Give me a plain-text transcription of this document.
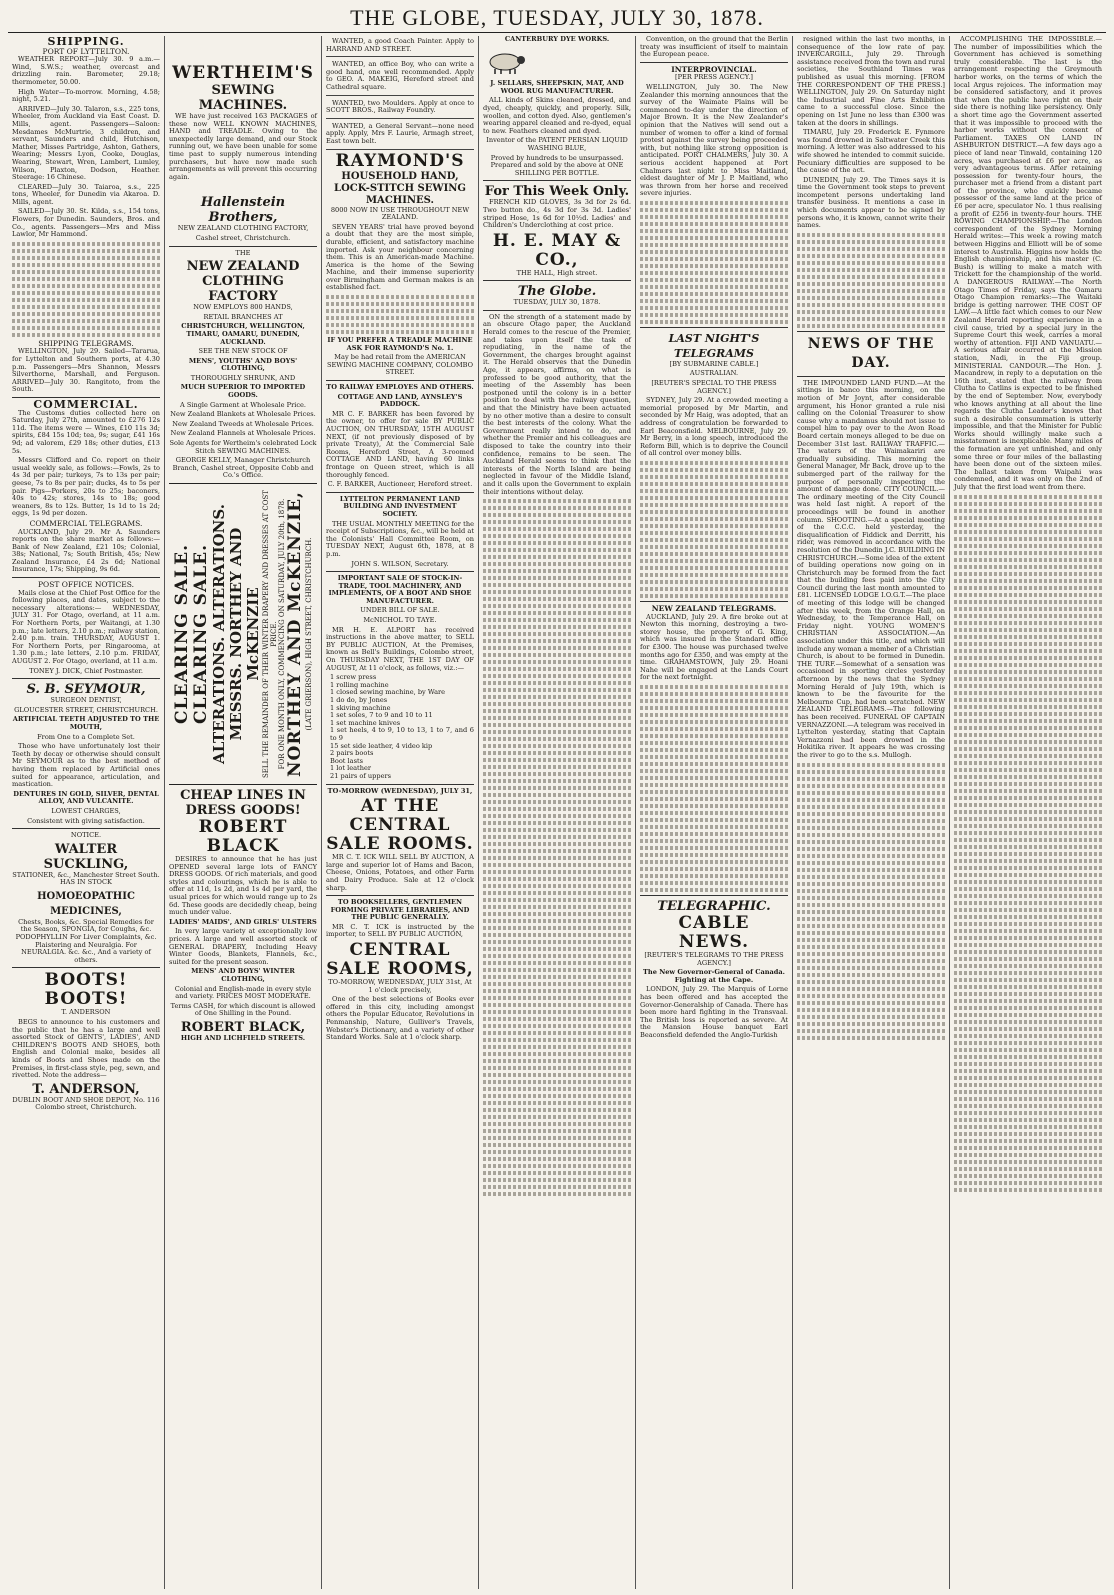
THE GLOBE, TUESDAY, JULY 30, 1878.
SHIPPING.
PORT OF LYTTELTON.

WEATHER REPORT—July 30. 9 a.m.—Wind, S.W.S.; weather, overcast and drizzling rain. Barometer, 29.18; thermometer, 50.00.

High Water—To-morrow. Morning, 4.58; night, 5.21.

ARRIVED—July 30. Talaron, s.s., 225 tons, Wheeler, from Auckland via East Coast. D. Mills, agent. Passengers—Saloon: Mesdames McMurtrie, 3 children, and servant, Saunders and child, Hutchison, Mather, Misses Partridge, Ashton, Gathers, Wearing; Messrs Lyon, Cooke, Douglas, Wearing, Stewart, Wren, Lambert, Lumley, Wilson, Plaxton, Dodson, Heather. Steerage: 16 Chinese.

CLEARED—July 30. Taiaroa, s.s., 225 tons, Wheeler, for Dunedin via Akaroa. D. Mills, agent.

SAILED—July 30. St. Kilda, s.s., 154 tons, Flowers, for Dunedin. Saunders, Bros. and Co., agents. Passengers—Mrs and Miss Lawlor, Mr Hammond.

SHIPPING TELEGRAMS.

WELLINGTON, July 29. Sailed—Tararua, for Lyttelton and Southern ports, at 4.30 p.m. Passengers—Mrs Shannon, Messrs Silverthorne, Marshall, and Ferguson. ARRIVED—July 30. Rangitoto, from the South.

COMMERCIAL.

The Customs duties collected here on Saturday, July 27th, amounted to £276 12s 11d. The items were — Wines, £10 11s 3d; spirits, £84 15s 10d; tea, 9s; sugar, £41 16s 9d; ad valorem, £29 18s; other duties, £13 5s.

Messrs Clifford and Co. report on their usual weekly sale, as follows:—Fowls, 2s to 4s 3d per pair; turkeys, 7s to 13s per pair; geese, 7s to 8s per pair; ducks, 4s to 5s per pair. Pigs—Porkers, 20s to 25s; baconers, 40s to 42s; stores, 14s to 18s; good weaners, 8s to 12s. Butter, 1s 1d to 1s 2d; eggs, 1s 9d per dozen.

COMMERCIAL TELEGRAMS.

AUCKLAND, July 29. Mr A. Saunders reports on the share market as follows:—Bank of New Zealand, £21 10s; Colonial, 38s; National, 7s; South British, 45s; New Zealand Insurance, £4 2s 6d; National Insurance, 17s; Shipping, 9s 6d.

POST OFFICE NOTICES.

Mails close at the Chief Post Office for the following places, and dates, subject to the necessary alterations:— WEDNESDAY, JULY 31. For Otago, overland, at 11 a.m. For Northern Ports, per Waitangi, at 1.30 p.m.; late letters, 2.10 p.m.; railway station, 2.40 p.m. train. THURSDAY, AUGUST 1. For Northern Ports, per Ringarooma, at 1.30 p.m.; late letters, 2.10 p.m. FRIDAY, AUGUST 2. For Otago, overland, at 11 a.m.

TONEY J. DICK, Chief Postmaster.

S. B. SEYMOUR,

SURGEON DENTIST,

GLOUCESTER STREET, CHRISTCHURCH.

ARTIFICIAL TEETH ADJUSTED TO THE MOUTH,

From One to a Complete Set.

Those who have unfortunately lost their Teeth by decay or otherwise should consult Mr SEYMOUR as to the best method of having them replaced by Artificial ones suited for appearance, articulation, and mastication.

DENTURES IN GOLD, SILVER, DENTAL ALLOY, AND VULCANITE.

LOWEST CHARGES,

Consistent with giving satisfaction.

NOTICE.

WALTER SUCKLING,

STATIONER, &c., Manchester Street South. HAS IN STOCK

HOMOEOPATHIC MEDICINES,

Chests, Books, &c. Special Remedies for the Season, SPONGIA, for Coughs, &c. PODOPHYLLIN For Liver Complaints, &c. Plaistering and Neuralgia. For NEURALGIA. &c. &c., And a variety of others.

BOOTS! BOOTS!

T. ANDERSON

BEGS to announce to his customers and the public that he has a large and well assorted Stock of GENTS', LADIES', AND CHILDREN'S BOOTS AND SHOES, both English and Colonial make, besides all kinds of Boots and Shoes made on the Premises, in first-class style, peg, sewn, and rivetted. Note the address—

T. ANDERSON,

DUBLIN BOOT AND SHOE DEPOT, No. 116 Colombo street, Christchurch.

WERTHEIM'S
SEWING MACHINES.

WE have just received 163 PACKAGES of these now WELL KNOWN MACHINES, HAND and TREADLE. Owing to the unexpectedly large demand, and our Stock running out, we have been unable for some time past to supply numerous intending purchasers, but have now made such arrangements as will prevent this occurring again.

Hallenstein Brothers,

NEW ZEALAND CLOTHING FACTORY,

Cashel street, Christchurch.

THE

NEW ZEALAND
CLOTHING FACTORY

NOW EMPLOYS 800 HANDS,

RETAIL BRANCHES AT

CHRISTCHURCH, WELLINGTON, TIMARU, OAMARU, DUNEDIN, AUCKLAND.

SEE THE NEW STOCK OF

MENS', YOUTHS' AND BOYS' CLOTHING,

THOROUGHLY SHRUNK, AND

MUCH SUPERIOR TO IMPORTED GOODS.

A Single Garment at Wholesale Price.

New Zealand Blankets at Wholesale Prices.

New Zealand Tweeds at Wholesale Prices.

New Zealand Flannels at Wholesale Prices.

Sole Agents for Wertheim's celebrated Lock Stitch SEWING MACHINES.

GEORGE KELLY, Manager Christchurch Branch, Cashel street, Opposite Cobb and Co.'s Office.

CLEARING SALE. CLEARING SALE. ALTERATIONS. ALTERATIONS. MESSRS. NORTHEY AND McKENZIE SELL THE REMAINDER OF THEIR WINTER DRAPERY AND DRESSES AT COST PRICE. FOR ONE MONTH ONLY, COMMENCING ON SATURDAY, JULY 20th, 1878. NORTHEY AND McKENZIE, (LATE GRIERSON), HIGH STREET, CHRISTCHURCH.
CHEAP LINES IN
DRESS GOODS!
ROBERT BLACK

DESIRES to announce that he has just OPENED several large lots of FANCY DRESS GOODS. Of rich materials, and good styles and colourings, which he is able to offer at 11d, 1s 2d, and 1s 4d per yard, the usual prices for which would range up to 2s 6d. These goods are decidedly cheap, being much under value.

LADIES' MAIDS', AND GIRLS' ULSTERS

In very large variety at exceptionally low prices. A large and well assorted stock of GENERAL DRAPERY, Including Heavy Winter Goods, Blankets, Flannels, &c., suited for the present season.

MENS' AND BOYS' WINTER CLOTHING,

Colonial and English-made in every style and variety. PRICES MOST MODERATE.

Terms CASH, for which discount is allowed of One Shilling in the Pound.

ROBERT BLACK,

HIGH AND LICHFIELD STREETS.

WANTED, a good Coach Painter. Apply to HARRAND AND STREET.

WANTED, an office Boy, who can write a good hand, one well recommended. Apply to GEO. A. MAKEIG, Hereford street and Cathedral square.

WANTED, two Moulders. Apply at once to SCOTT BROS., Railway Foundry.

WANTED, a General Servant—none need apply. Apply, Mrs F. Laurie, Armagh street, East town belt.

RAYMOND'S
HOUSEHOLD HAND, LOCK-STITCH SEWING MACHINES.

8000 NOW IN USE THROUGHOUT NEW ZEALAND.

SEVEN YEARS' trial have proved beyond a doubt that they are the most simple, durable, efficient, and satisfactory machine imported. Ask your neighbour concerning them. This is an American-made Machine. America is the home of the Sewing Machine, and their immense superiority over Birmingham and German makes is an established fact.

IF YOU PREFER A TREADLE MACHINE ASK FOR RAYMOND'S No. 1.

May be had retail from the AMERICAN SEWING MACHINE COMPANY, COLOMBO STREET.

TO RAILWAY EMPLOYES AND OTHERS.

COTTAGE AND LAND, AYNSLEY'S PADDOCK.

MR C. F. BARKER has been favored by the owner, to offer for sale BY PUBLIC AUCTION, ON THURSDAY, 15TH AUGUST NEXT, (if not previously disposed of by private Treaty), At the Commercial Sale Rooms, Hereford Street, A 3-roomed COTTAGE AND LAND, having 60 links frontage on Queen street, which is all thoroughly fenced.

C. F. BARKER, Auctioneer, Hereford street.

LYTTELTON PERMANENT LAND BUILDING AND INVESTMENT SOCIETY.

THE USUAL MONTHLY MEETING for the receipt of Subscriptions, &c., will be held at the Colonists' Hall Committee Room, on TUESDAY NEXT, August 6th, 1878, at 8 p.m.

JOHN S. WILSON, Secretary.

IMPORTANT SALE OF STOCK-IN-TRADE, TOOL MACHINERY, AND IMPLEMENTS, OF A BOOT AND SHOE MANUFACTURER.

UNDER BILL OF SALE.

McNICHOL TO TAYE.

MR H. E. ALPORT has received instructions in the above matter, to SELL BY PUBLIC AUCTION, At the Premises, known as Bell's Buildings, Colombo street, On THURSDAY NEXT, THE 1ST DAY OF AUGUST, At 11 o'clock, as follows, viz.:—

1 screw press
1 rolling machine
1 closed sewing machine, by Ware
1 do do, by Jones
1 skiving machine
1 set soles, 7 to 9 and 10 to 11
1 set machine knives
1 set heels, 4 to 9, 10 to 13, 1 to 7, and 6 to 9
15 set side leather, 4 video kip
2 pairs boots
Boot lasts
1 lot leather
21 pairs of uppers

TO-MORROW (WEDNESDAY), JULY 31,

AT THE CENTRAL SALE ROOMS.

MR C. T. ICK WILL SELL BY AUCTION, A large and superior lot of Hams and Bacon, Cheese, Onions, Potatoes, and other Farm and Dairy Produce. Sale at 12 o'clock sharp.

TO BOOKSELLERS, GENTLEMEN FORMING PRIVATE LIBRARIES, AND THE PUBLIC GENERALLY.

MR C. T. ICK is instructed by the importer, to SELL BY PUBLIC AUCTION,

CENTRAL SALE ROOMS,

TO-MORROW, WEDNESDAY, JULY 31st, At 1 o'clock precisely,

One of the best selections of Books ever offered in this city, including amongst others the Popular Educator, Revolutions in Penmanship, Nature, Gulliver's Travels, Webster's Dictionary, and a variety of other Standard Works. Sale at 1 o'clock sharp.

CANTERBURY DYE WORKS.

J. SELLARS, SHEEPSKIN, MAT, AND WOOL RUG MANUFACTURER.

ALL kinds of Skins cleaned, dressed, and dyed, cheaply, quickly, and properly. Silk, woollen, and cotton dyed. Also, gentlemen's wearing apparel cleaned and re-dyed, equal to new. Feathers cleaned and dyed.

Inventor of the PATENT PERSIAN LIQUID WASHING BLUE,

Proved by hundreds to be unsurpassed. Prepared and sold by the above at ONE SHILLING PER BOTTLE.

For This Week Only.

FRENCH KID GLOVES, 3s 3d for 2s 6d. Two button do., 4s 3d for 3s 3d. Ladies' striped Hose, 1s 6d for 10½d. Ladies' and Children's Underclothing at cost price.

H. E. MAY & CO.,

THE HALL, High street.

The Globe.

TUESDAY, JULY 30, 1878.

ON the strength of a statement made by an obscure Otago paper, the Auckland Herald comes to the rescue of the Premier, and takes upon itself the task of repudiating, in the name of the Government, the charges brought against it. The Herald observes that the Dunedin Age, it appears, affirms, on what is professed to be good authority, that the meeting of the Assembly has been postponed until the colony is in a better position to deal with the railway question, and that the Ministry have been actuated by no other motive than a desire to consult the best interests of the colony. What the Government really intend to do, and whether the Premier and his colleagues are disposed to take the country into their confidence, remains to be seen. The Auckland Herald seems to think that the interests of the North Island are being neglected in favour of the Middle Island, and it calls upon the Government to explain their intentions without delay.

Convention, on the ground that the Berlin treaty was insufficient of itself to maintain the European peace.

INTERPROVINCIAL.

[PER PRESS AGENCY.]

WELLINGTON, July 30. The New Zealander this morning announces that the survey of the Waimate Plains will be commenced to-day under the direction of Major Brown. It is the New Zealander's opinion that the Natives will send out a number of women to offer a kind of formal protest against the survey being proceeded with, but nothing like strong opposition is anticipated. PORT CHALMERS, July 30. A serious accident happened at Port Chalmers last night to Miss Maitland, eldest daughter of Mr J. P. Maitland, who was thrown from her horse and received severe injuries.

LAST NIGHT'S TELEGRAMS

[BY SUBMARINE CABLE.]

AUSTRALIAN.

[REUTER'S SPECIAL TO THE PRESS AGENCY.]

SYDNEY, July 29. At a crowded meeting a memorial proposed by Mr Martin, and seconded by Mr Haig, was adopted, that an address of congratulation be forwarded to Earl Beaconsfield. MELBOURNE, July 29. Mr Berry, in a long speech, introduced the Reform Bill, which is to deprive the Council of all control over money bills.

NEW ZEALAND TELEGRAMS.

AUCKLAND, July 29. A fire broke out at Newton this morning, destroying a two-storey house, the property of G. King, which was insured in the Standard office for £300. The house was purchased twelve months ago for £350, and was empty at the time. GRAHAMSTOWN, July 29. Hoani Nahe will be engaged at the Lands Court for the next fortnight.

TELEGRAPHIC.
CABLE NEWS.

[REUTER'S TELEGRAMS TO THE PRESS AGENCY.]

The New Governor-General of Canada. Fighting at the Cape.

LONDON, July 29. The Marquis of Lorne has been offered and has accepted the Governor-Generalship of Canada. There has been more hard fighting in the Transvaal. The British loss is reported as severe. At the Mansion House banquet Earl Beaconsfield defended the Anglo-Turkish

resigned within the last two months, in consequence of the low rate of pay. INVERCARGILL, July 29. Through assistance received from the town and rural societies, the Southland Times was published as usual this morning. [FROM THE CORRESPONDENT OF THE PRESS.] WELLINGTON, July 29. On Saturday night the Industrial and Fine Arts Exhibition came to a successful close. Since the opening on 1st June no less than £300 was taken at the doors in shillings.

TIMARU, July 29. Frederick E. Fynmore was found drowned in Saltwater Creek this morning. A letter was also addressed to his wife showed he intended to commit suicide. Pecuniary difficulties are supposed to be the cause of the act.

DUNEDIN, July 29. The Times says it is time the Government took steps to prevent incompetent persons undertaking land transfer business. It mentions a case in which documents appear to be signed by persons who, it is known, cannot write their names.

NEWS OF THE DAY.

THE IMPOUNDED LAND FUND.—At the sittings in banco this morning, on the motion of Mr Joynt, after considerable argument, his Honor granted a rule nisi calling on the Colonial Treasurer to show cause why a mandamus should not issue to compel him to pay over to the Avon Road Board certain moneys alleged to be due on December 31st last. RAILWAY TRAFFIC.—The waters of the Waimakariri are gradually subsiding. This morning the General Manager, Mr Back, drove up to the submerged part of the railway for the purpose of personally inspecting the amount of damage done. CITY COUNCIL.—The ordinary meeting of the City Council was held last night. A report of the proceedings will be found in another column. SHOOTING.—At a special meeting of the C.C.C. held yesterday, the disqualification of Fiddick and Derritt, his rider, was removed in accordance with the resolution of the Dunedin J.C. BUILDING IN CHRISTCHURCH.—Some idea of the extent of building operations now going on in Christchurch may be formed from the fact that the building fees paid into the City Council during the last month amounted to £81. LICENSED LODGE I.O.G.T.—The place of meeting of this lodge will be changed after this week, from the Orange Hall, on Wednesday, to the Temperance Hall, on Friday night. YOUNG WOMEN'S CHRISTIAN ASSOCIATION.—An association under this title, and which will include any woman a member of a Christian Church, is about to be formed in Dunedin. THE TURF.—Somewhat of a sensation was occasioned in sporting circles yesterday afternoon by the news that the Sydney Morning Herald of July 19th, which is known to be the favourite for the Melbourne Cup, had been scratched. NEW ZEALAND TELEGRAMS.—The following has been received. FUNERAL OF CAPTAIN VERNAZZONI.—A telegram was received in Lyttelton yesterday, stating that Captain Vernazzoni had been drowned in the Hokitika river. It appears he was crossing the river to go to the s.s. Mullogh.

ACCOMPLISHING THE IMPOSSIBLE.—The number of impossibilities which the Government has achieved is something truly considerable. The last is the arrangement respecting the Greymouth harbor works, on the terms of which the local Argus rejoices. The information may be considered satisfactory, and it proves that when the public have right on their side there is nothing like persistency. Only a short time ago the Government asserted that it was impossible to proceed with the harbor works without the consent of Parliament. TAXES ON LAND IN ASHBURTON DISTRICT.—A few days ago a piece of land near Tinwald, containing 120 acres, was purchased at £6 per acre, as very advantageous terms. After retaining possession for twenty-four hours, the purchaser met a friend from a distant part of the province, who quickly became possessor of the same land at the price of £6 per acre, speculator No. 1 thus realising a profit of £256 in twenty-four hours. THE ROWING CHAMPIONSHIP.—The London correspondent of the Sydney Morning Herald writes:—This week a rowing match between Higgins and Elliott will be of some interest to Australia. Higgins now holds the English championship, and his master (C. Bush) is willing to make a match with Trickett for the championship of the world. A DANGEROUS RAILWAY.—The North Otago Times of Friday, says the Oamaru Otago Champion remarks:—The Waitaki bridge is getting narrower. THE COST OF LAW.—A little fact which comes to our New Zealand Herald reporting experience in a civil cause, tried by a special jury in the Supreme Court this week, carries a moral worthy of attention. FIJI AND VANUATU.—A serious affair occurred at the Mission station, Nadi, in the Fiji group. MINISTERIAL CANDOUR.—The Hon. J. Macandrew, in reply to a deputation on the 16th inst., stated that the railway from Clutha to Catlins is expected to be finished by the end of September. Now, everybody who knows anything at all about the line regards the Clutha Leader's knows that such a desirable consummation is utterly impossible, and that the Minister for Public Works should willingly make such a misstatement is inexplicable. Many miles of the formation are yet unfinished, and only some three or four miles of the ballasting have been done out of the sixteen miles. The ballast taken from Waipahi was condemned, and it was only on the 2nd of July that the first load went from there.
